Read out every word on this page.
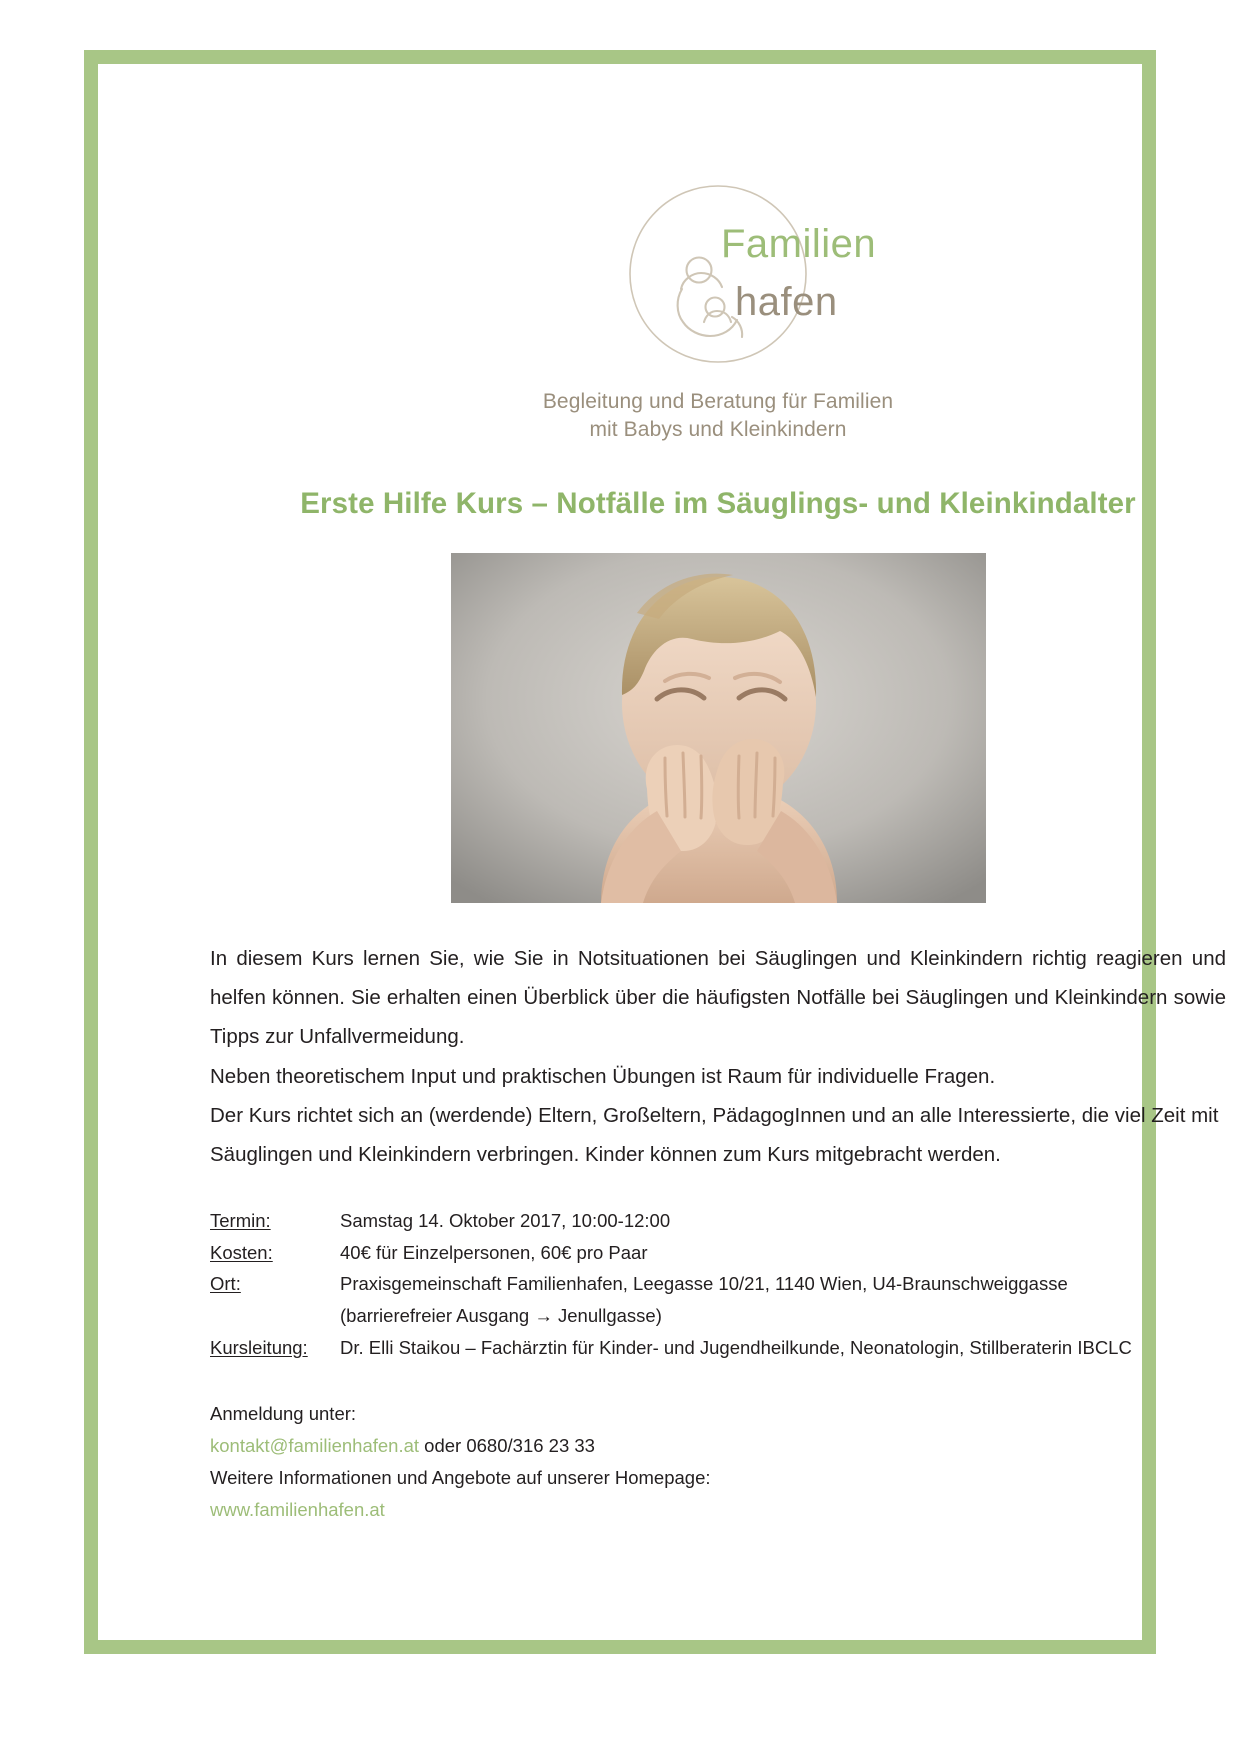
Familien
hafen
Begleitung und Beratung für Familien
mit Babys und Kleinkindern
Erste Hilfe Kurs – Notfälle im Säuglings- und Kleinkindalter

In diesem Kurs lernen Sie, wie Sie in Notsituationen bei Säuglingen und Kleinkindern richtig reagieren und helfen können. Sie erhalten einen Überblick über die häufigsten Notfälle bei Säuglingen und Kleinkindern sowie Tipps zur Unfallvermeidung.

Neben theoretischem Input und praktischen Übungen ist Raum für individuelle Fragen.

Der Kurs richtet sich an (werdende) Eltern, Großeltern, PädagogInnen und an alle Interessierte, die viel Zeit mit Säuglingen und Kleinkindern verbringen. Kinder können zum Kurs mitgebracht werden.

Termin:	Samstag 14. Oktober 2017, 10:00-12:00
Kosten:	40€ für Einzelpersonen, 60€ pro Paar
Ort:	Praxisgemeinschaft Familienhafen, Leegasse 10/21, 1140 Wien, U4-Braunschweiggasse
(barrierefreier Ausgang → Jenullgasse)
Kursleitung:	Dr. Elli Staikou – Fachärztin für Kinder- und Jugendheilkunde, Neonatologin, Stillberaterin IBCLC
Anmeldung unter:
kontakt@familienhafen.at oder 0680/316 23 33
Weitere Informationen und Angebote auf unserer Homepage:
www.familienhafen.at
